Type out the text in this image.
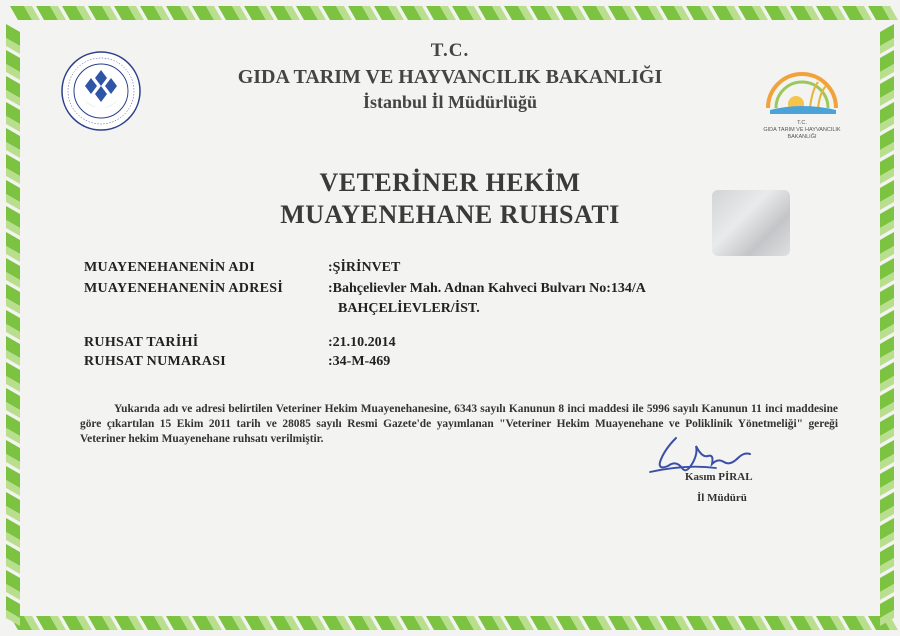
T.C.
GIDA TARIM VE HAYVANCILIK
BAKANLIĞI
T.C.
GIDA TARIM VE HAYVANCILIK BAKANLIĞI
İstanbul İl Müdürlüğü
VETERİNER HEKİM
MUAYENEHANE RUHSATI
MUAYENEHANENİN ADI	:ŞİRİNVET
MUAYENEHANENİN ADRESİ	:Bahçelievler Mah. Adnan Kahveci Bulvarı No:134/A
BAHÇELİEVLER/İST.
RUHSAT TARİHİ	:21.10.2014
RUHSAT NUMARASI	:34-M-469
Yukarıda adı ve adresi belirtilen Veteriner Hekim Muayenehanesine, 6343 sayılı Kanunun 8 inci maddesi ile 5996 sayılı Kanunun 11 inci maddesine göre çıkartılan 15 Ekim 2011 tarih ve 28085 sayılı Resmi Gazete'de yayımlanan "Veteriner Hekim Muayenehane ve Poliklinik Yönetmeliği" gereği Veteriner hekim Muayenehane ruhsatı verilmiştir.
Kasım PİRAL
İl Müdürü
